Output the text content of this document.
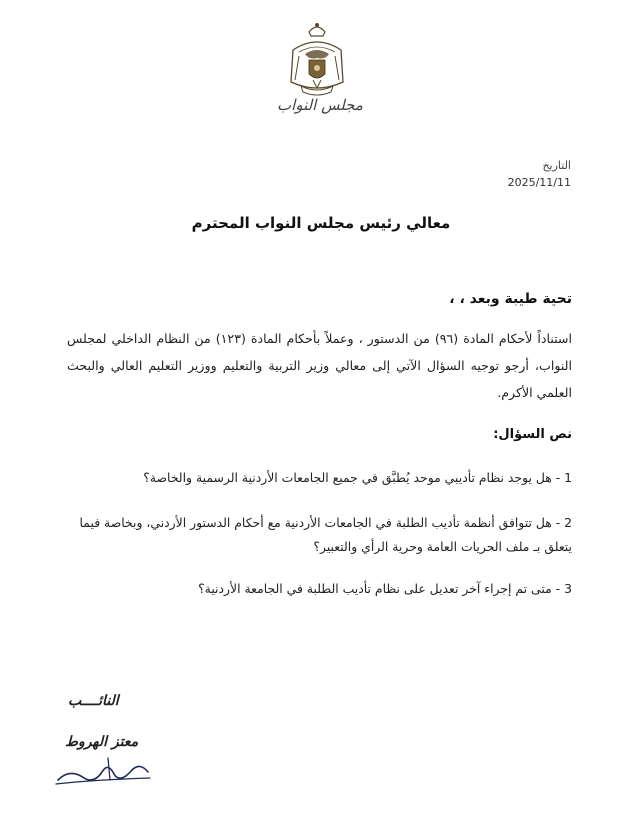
مجلس النواب
التاريخ
2025/11/11
معالي رئيس مجلس النواب المحترم
تحية طيبة وبعد ، ،
استناداً لأحكام المادة (٩٦) من الدستور ، وعملاً بأحكام المادة (١٢٣) من النظام الداخلي لمجلس النواب، أرجو توجيه السؤال الآتي إلى معالي وزير التربية والتعليم ووزير التعليم العالي والبحث العلمي الأكرم.
نص السؤال:
1 - هل يوجد نظام تأديبي موحد يُطبَّق في جميع الجامعات الأردنية الرسمية والخاصة؟
2 - هل تتوافق أنظمة تأديب الطلبة في الجامعات الأردنية مع أحكام الدستور الأردني، وبخاصة فيما يتعلق بـ ملف الحريات العامة وحرية الرأي والتعبير؟
3 - متى تم إجراء آخر تعديل على نظام تأديب الطلبة في الجامعة الأردنية؟
النائــــب
معتز الهروط
